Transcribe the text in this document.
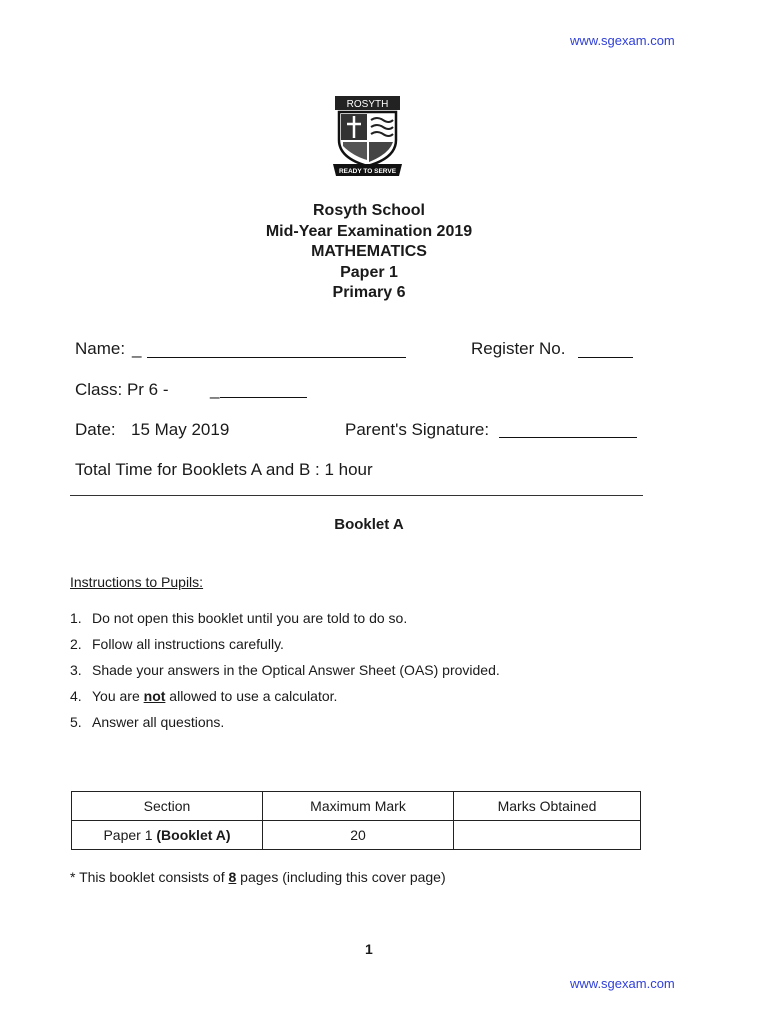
www.sgexam.com
ROSYTH
READY TO SERVE
Rosyth School
Mid-Year Examination 2019
MATHEMATICS
Paper 1
Primary 6
Name: _	Register No.
Class: Pr 6 - _
Date: 15 May 2019	Parent's Signature:
Total Time for Booklets A and B : 1 hour
Booklet A
Instructions to Pupils:
1. Do not open this booklet until you are told to do so.
2. Follow all instructions carefully.
3. Shade your answers in the Optical Answer Sheet (OAS) provided.
4. You are not allowed to use a calculator.
5. Answer all questions.
Section	Maximum Mark	Marks Obtained
Paper 1 (Booklet A)	20	
* This booklet consists of 8 pages (including this cover page)
1
www.sgexam.com
